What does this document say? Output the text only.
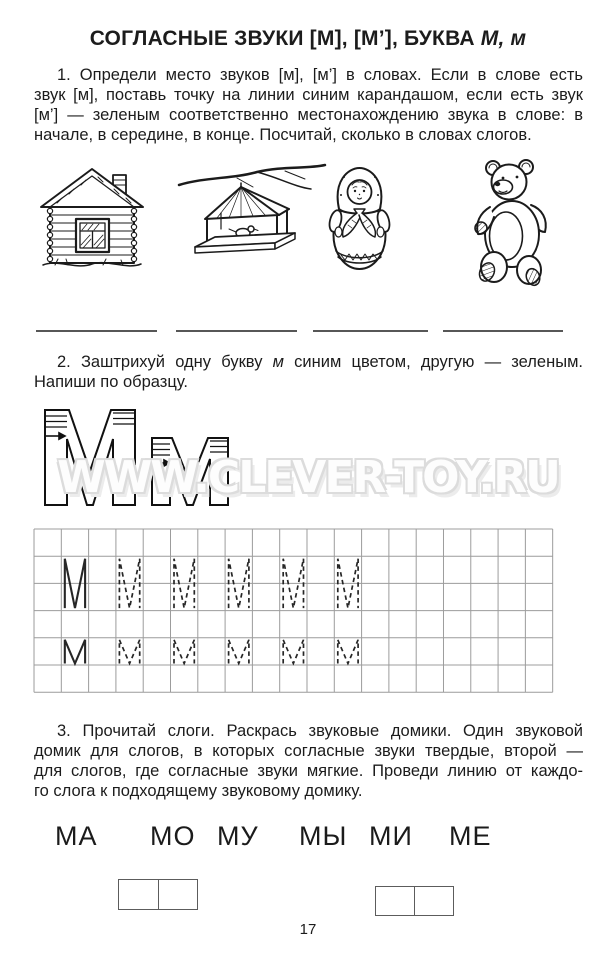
СОГЛАСНЫЕ ЗВУКИ [М], [М’], БУКВА М, м
1. Определи место звуков [м], [м’] в словах. Если в слове есть
звук [м], поставь точку на линии синим карандашом, если есть звук
[м’] — зеленым соответственно местонахождению звука в слове: в
начале, в середине, в конце. Посчитай, сколько в словах слогов.
2. Заштрихуй одну букву м синим цветом, другую — зеленым.
Напиши по образцу.
WWW.CLEVER-TOY.RU
3. Прочитай слоги. Раскрась звуковые домики. Один звуковой
домик для слогов, в которых согласные звуки твердые, второй —
для слогов, где согласные звуки мягкие. Проведи линию от каждо-
го слога к подходящему звуковому домику.
МА МО МУ МЫ МИ МЕ
17
